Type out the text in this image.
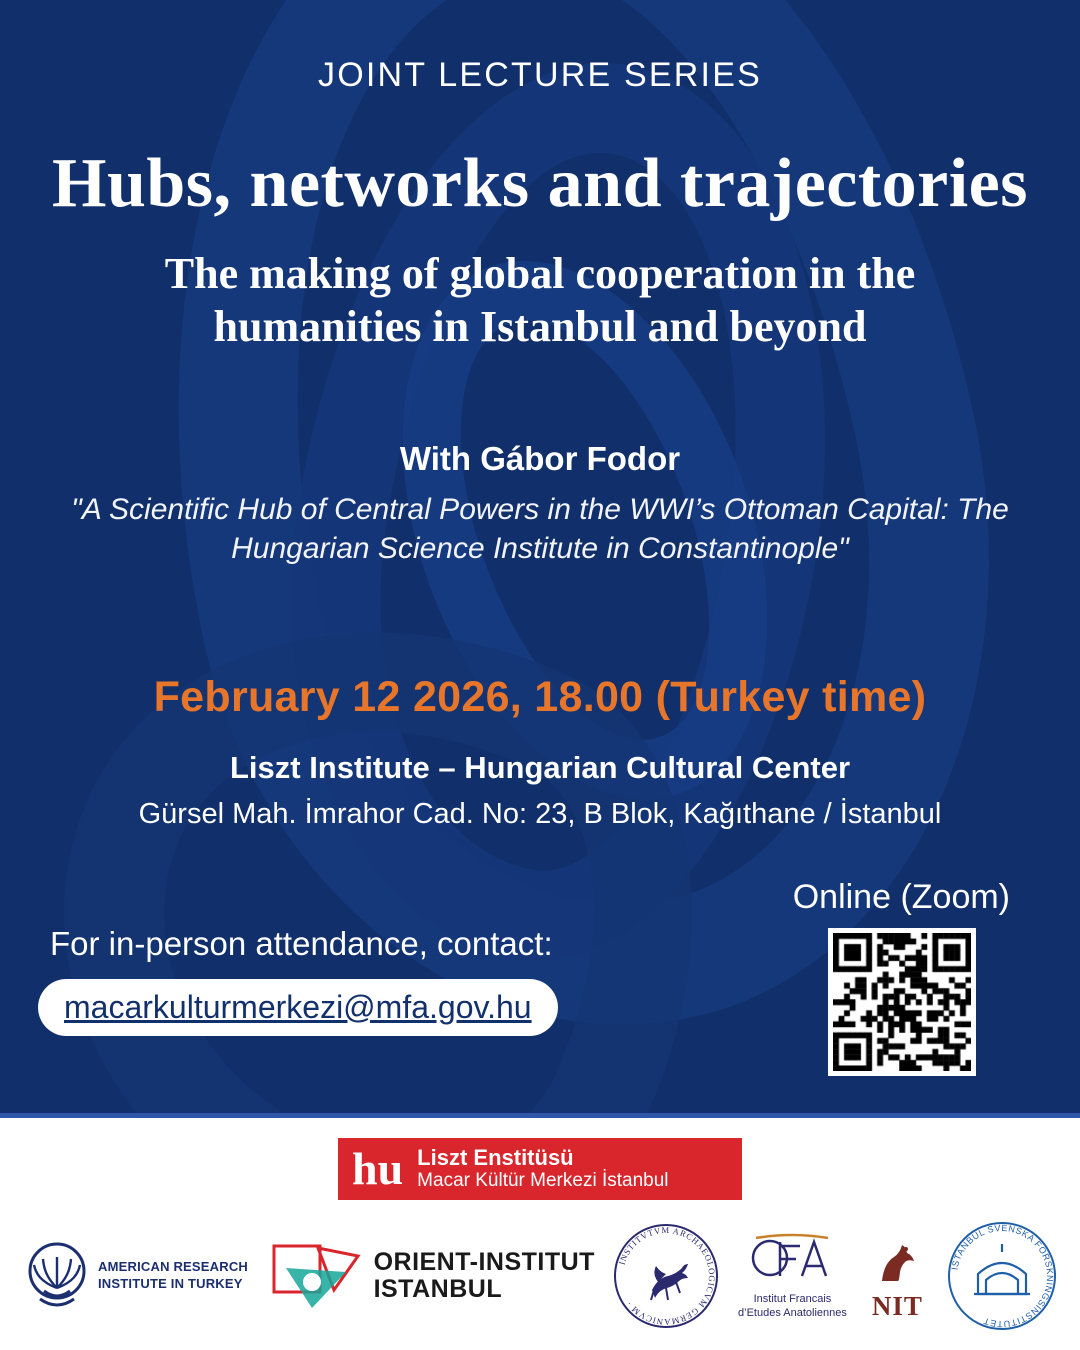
JOINT LECTURE SERIES
Hubs, networks and trajectories
The making of global cooperation in the humanities in Istanbul and beyond
With Gábor Fodor
"A Scientific Hub of Central Powers in the WWI’s Ottoman Capital: The Hungarian Science Institute in Constantinople"
February 12 2026, 18.00 (Turkey time)
Liszt Institute – Hungarian Cultural Center
Gürsel Mah. İmrahor Cad. No: 23, B Blok, Kağıthane / İstanbul
Online (Zoom)
For in-person attendance, contact:
macarkulturmerkezi@mfa.gov.hu
hu Liszt Enstitüsü
Macar Kültür Merkezi İstanbul
AMERICAN RESEARCH
INSTITUTE IN TURKEY
ORIENT-INSTITUT
ISTANBUL
INSTITVTVM ARCHAEOLOGICVM GERMANICVM ·	Institut Francais
d’Etudes Anatoliennes NIT
ISTANBUL SVENSKA FORSKNINGSINSTITUTET
